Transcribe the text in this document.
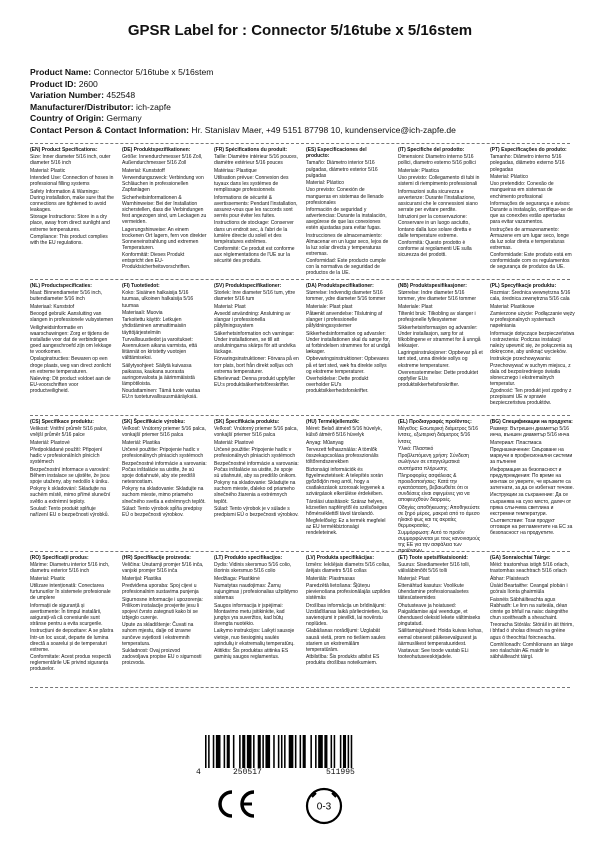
GPSR Label for : Connector 5/16tube x 5/16stem
Product Name: Connector 5/16tube x 5/16stem
Product ID: 2600
Variation Number: 452548
Manufacturer/Distributor: ich-zapfe
Country of Origin: Germany
Contact Person & Contact Information: Hr. Stanislav Maer, +49 5151 87798 10, kundenservice@ich-zapfe.de

(EN) Product Specifications:

Size: Inner diameter 5/16 inch, outer diameter 5/16 inch

Material: Plastic

Intended Use: Connection of hoses in professional filling systems

Safety Information & Warnings: During installation, make sure that the connections are tightened to avoid leakages.

Storage Instructions: Store in a dry place, away from direct sunlight and extreme temperatures.

Compliance: This product complies with the EU regulations.

(DE) Produktspezifikationen:

Größe: Innendurchmesser 5/16 Zoll, Außendurchmesser 5/16 Zoll

Material: Kunststoff

Verwendungszweck: Verbindung von Schläuchen in professionellen Zapfanlagen

Sicherheitsinformationen & Warnhinweise: Bei der Installation sicherstellen, dass die Verbindungen fest angezogen sind, um Leckagen zu vermeiden.

Lagerungshinweise: An einem trockenen Ort lagern, fern von direkter Sonneneinstrahlung und extremen Temperaturen.

Konformität: Dieses Produkt entspricht den EU-Produktsicherheitsvorschriften.

(FR) Spécifications du produit:

Taille: Diamètre intérieur 5/16 pouces, diamètre extérieur 5/16 pouces

Matériau: Plastique

Utilisation prévue: Connexion des tuyaux dans les systèmes de remplissage professionnels

Informations de sécurité & avertissements: Pendant l'installation, assurez-vous que les raccords sont serrés pour éviter les fuites.

Instructions de stockage: Conserver dans un endroit sec, à l'abri de la lumière directe du soleil et des températures extrêmes.

Conformité: Ce produit est conforme aux réglementations de l'UE sur la sécurité des produits.

(ES) Especificaciones del producto:

Tamaño: Diámetro interior 5/16 pulgadas, diámetro exterior 5/16 pulgadas

Material: Plástico

Uso previsto: Conexión de mangueras en sistemas de llenado profesionales

Información de seguridad y advertencias: Durante la instalación, asegúrese de que las conexiones estén ajustadas para evitar fugas.

Instrucciones de almacenamiento: Almacenar en un lugar seco, lejos de la luz solar directa y temperaturas extremas.

Conformidad: Este producto cumple con la normativa de seguridad de productos de la UE.

(IT) Specifiche del prodotto:

Dimensioni: Diametro interno 5/16 pollici, diametro esterno 5/16 pollici

Materiale: Plastica

Uso previsto: Collegamento di tubi in sistemi di riempimento professionali

Informazioni sulla sicurezza e avvertenze: Durante l'installazione, assicurarsi che le connessioni siano serrate per evitare perdite.

Istruzioni per la conservazione: Conservare in un luogo asciutto, lontano dalla luce solare diretta e dalle temperature estreme.

Conformità: Questo prodotto è conforme ai regolamenti UE sulla sicurezza dei prodotti.

(PT) Especificações do produto:

Tamanho: Diâmetro interno 5/16 polegadas, diâmetro externo 5/16 polegadas

Material: Plástico

Uso pretendido: Conexão de mangueiras em sistemas de enchimento profissional

Informações de segurança e avisos: Durante a instalação, certifique-se de que as conexões estão apertadas para evitar vazamentos.

Instruções de armazenamento: Armazene em um lugar seco, longe da luz solar direta e temperaturas extremas.

Conformidade: Este produto está em conformidade com os regulamentos de segurança de produtos da UE.

(NL) Productspecificaties:

Maat: Binnendiameter 5/16 inch, buitendiameter 5/16 inch

Materiaal: Kunststof

Beoogd gebruik: Aansluiting van slangen in professionele vulsystemen

Veiligheidsinformatie en waarschuwingen: Zorg er tijdens de installatie voor dat de verbindingen goed aangeschroefd zijn om lekkage te voorkomen.

Opslaginstructies: Bewaren op een droge plaats, weg van direct zonlicht en extreme temperaturen.

Naleving: Dit product voldoet aan de EU-voorschriften voor productveiligheid.

(FI) Tuotetiedot:

Koko: Sisäinen halkaisija 5/16 tuumaa, ulkoinen halkaisija 5/16 tuumaa

Materiaali: Muovia

Tarkoitettu käyttö: Letkujen yhdistäminen ammattimaisiin täyttöjärjestelmiin

Turvallisuustiedot ja varoitukset: Asennuksen aikana varmista, että liitännät on kiristetty vuotojen välttämiseksi.

Säilytysohjeet: Säilytä kuivassa paikassa, kaukana suorasta auringonvalosta ja äärimmäisistä lämpötiloista.

Noudattaminen: Tämä tuote vastaa EU:n tuoteturvallisuusmääräyksiä.

(SV) Produktspecifikationer:

Storlek: Inre diameter 5/16 tum, yttre diameter 5/16 tum

Material: Plast

Avsedd användning: Anslutning av slangar i professionella påfyllningssystem

Säkerhetsinformation och varningar: Under installationen, se till att anslutningarna skärps för att undvika läckage.

Förvaringsinstruktioner: Förvara på en torr plats, bort från direkt solljus och extrema temperaturer.

Efterlevnad: Denna produkt uppfyller EU:s produktsäkerhetsföreskrifter.

(DA) Produktspecifikationer:

Størrelse: Indvendig diameter 5/16 tommer, ydre diameter 5/16 tommer

Materiale: Plast plast

Påtænkt anvendelse: Tilslutning af slanger i professionelle påfyldningssystemer

Sikkerhedsinformation og advarsler: Under installationen skal du sørge for, at forbindelsen strammes for at undgå lækager.

Opbevaringsinstruktioner: Opbevares på et tørt sted, væk fra direkte sollys og ekstreme temperaturer.

Overholdelse: Dette produkt overholder EU's produktsikkerhedsforskrifter.

(NB) Produktspesifikasjoner:

Størrelse: Indre diameter 5/16 tommer, ytre diameter 5/16 tommer

Materiale: Plast

Tiltenkt bruk: Tilkobling av slanger i profesjonelle fyllesystemer

Sikkerhetsinformasjon og advarsler: Under installasjon, sørg for at tilkoblingene er strammet for å unngå lekkasjer.

Lagringsinstruksjoner: Oppbevar på et tørt sted, unna direkte sollys og ekstreme temperaturer.

Overensstemmelse: Dette produktet oppfyller EUs produktsikkerhetsforskrifter.

(PL) Specyfikacje produktu:

Rozmiar: Średnica wewnętrzna 5/16 cala, średnica zewnętrzna 5/16 cala

Materiał: Plastikowe

Zamierzone użycie: Podłączanie węży w profesjonalnych systemach napełniania

Informacje dotyczące bezpieczeństwa i ostrzeżenia: Podczas instalacji należy upewnić się, że połączenia są dokręcone, aby uniknąć wycieków.

Instrukcje przechowywania: Przechowywać w suchym miejscu, z dala od bezpośredniego światła słonecznego i ekstremalnych temperatur.

Zgodność: Ten produkt jest zgodny z przepisami UE w sprawie bezpieczeństwa produktów.

(CS) Specifikace produktu:

Velikost: Vnitřní průměr 5/16 palce, vnější průměr 5/16 palce

Materiál: Plastové

Předpokládané použití: Připojení hadic v profesionálních plnicích systémech

Bezpečnostní informace a varování: Během instalace se ujistěte, že jsou spoje utaženy, aby nedošlo k úniku.

Pokyny k skladování: Skladujte na suchém místě, mimo přímé sluneční světlo a extrémní teploty.

Soulad: Tento produkt splňuje nařízení EU o bezpečnosti výrobků.

(SK) Špecifikácie výrobku:

Veľkosť: Vnútorný priemer 5/16 palca, vonkajší priemer 5/16 palca

Materiál: Plastika

Určené použitie: Pripojenie hadíc v profesionálnych plniacich systémoch

Bezpečnostné informácie a varovania: Počas inštalácie sa uistite, že sú spoje dotiahnuté, aby ste predišli netesnostiam.

Pokyny na skladovanie: Skladujte na suchom mieste, mimo priameho slnečného svetla a extrémnych teplôt.

Súlad: Tento výrobok spĺňa predpisy EÚ o bezpečnosti výrobkov.

(SK) Špecifikácia produktu:

Veľkosť: Vnútorný priemer 5/16 palca, vonkajší priemer 5/16 palca

Materiál: Plastové

Určené použitie: Pripojenie hadíc v profesionálnych plniacich systémoch

Bezpečnostné informácie a varovania: Počas inštalácie sa uistite, že spoje sú utiahnuté, aby sa predišlo únikom.

Pokyny na skladovanie: Skladujte na suchom mieste, ďaleko od priameho slnečného žiarenia a extrémnych teplôt.

Súlad: Tento výrobok je v súlade s predpismi EÚ o bezpečnosti výrobkov.

(HU) Termékjellemzők:

Méret: Belső átmérő 5/16 hüvelyk, külső átmérő 5/16 hüvelyk

Anyag: Műanyag

Tervezett felhasználás: A tömlők összekapcsolása professzionális töltőrendszerekben

Biztonsági információk és figyelmeztetések: A telepítés során győződjön meg arról, hogy a csatlakozások szorosak legyenek a szivárgások elkerülése érdekében.

Tárolási utasítások: Száraz helyen, közvetlen napfénytől és szélsőséges hőmérséklettől távol tárolandó.

Megfelelőség: Ez a termék megfelel az EU termékbiztonsági rendeleteinek.

(EL) Προδιαγραφές προϊόντος:

Μέγεθος: Εσωτερική διάμετρος 5/16 ίντσες, εξωτερική διάμετρος 5/16 ίντσες

Υλικό: Πλαστικό

Προβλεπόμενη χρήση: Σύνδεση σωλήνων σε επαγγελματικά συστήματα πλήρωσης

Πληροφορίες ασφάλειας & προειδοποιήσεις: Κατά την εγκατάσταση, βεβαιωθείτε ότι οι συνδέσεις είναι σφιγμένες για να αποφευχθούν διαρροές.

Οδηγίες αποθήκευσης: Αποθηκεύστε σε ξηρό μέρος, μακριά από το άμεσο ηλιακό φως και τις ακραίες θερμοκρασίες.

Συμμόρφωση: Αυτό το προϊόν συμμορφώνεται με τους κανονισμούς της ΕΕ για την ασφάλεια των προϊόντων.

(BG) Спецификации на продукта:

Размер: Вътрешен диаметър 5/16 инча, външен диаметър 5/16 инча

Материал: Пластмаса

Предназначение: Свързване на маркучи в професионални системи за пълнене

Информация за безопасност и предупреждения: По време на монтаж се уверете, че връзките са затегнати, за да се избегнат течове.

Инструкции за съхранение: Да се съхранява на сухо място, далеч от пряка слънчева светлина и екстремни температури.

Съответствие: Този продукт отговаря на регламентите на ЕС за безопасност на продуктите.

(RO) Specificații produs:

Mărime: Diametru interior 5/16 inch, diametru exterior 5/16 inch

Material: Plastic

Utilizare intenționată: Conectarea furtunurilor în sistemele profesionale de umplere

Informații de siguranță și avertismente: În timpul instalării, asigurați-vă că conexiunile sunt strânse pentru a evita scurgerile.

Instrucțiuni de depozitare: A se păstra într-un loc uscat, departe de lumina directă a soarelui și de temperaturi extreme.

Conformitate: Acest produs respectă reglementările UE privind siguranța produselor.

(HR) Specifikacije proizvoda:

Veličina: Unutarnji promjer 5/16 inča, vanjski promjer 5/16 inča

Materijal: Plastika

Predviđena uporaba: Spoj cijevi u profesionalnim sustavima punjenja

Sigurnosne informacije i upozorenja: Prilikom instalacije provjerite jesu li spojevi čvrsto zategnuti kako bi se izbjeglo curenje.

Upute za skladištenje: Čuvati na suhom mjestu, dalje od izravne sunčeve svjetlosti i ekstremnih temperatura.

Sukladnost: Ovaj proizvod zadovoljava propise EU o sigurnosti proizvoda.

(LT) Produkto specifikacijos:

Dydis: Vidinis skersmuo 5/16 colio, išorinis skersmuo 5/16 colio

Medžiaga: Plastikinė

Numatytas naudojimas: Žarnų sujungimas į profesionalias užpildymo sistemas

Saugos informacija ir įspėjimai: Montavimo metu įsitikinkite, kad jungtys yra suveržtos, kad būtų išvengta nuotėkio.

Laikymo instrukcijos: Laikyti sausoje vietoje, nuo tiesioginių saulės spindulių ir ekstremalių temperatūrų.

Atitiktis: Šis produktas atitinka ES gaminių saugos reglamentus.

(LV) Produkta specifikācijas:

Izmērs: Iekšējais diametrs 5/16 collas, ārējais diametrs 5/16 collas

Materiāls: Plastmasas

Paredzētā lietošana: Šļūteņu pievienošana profesionālajās uzpildes sistēmās

Drošības informācija un brīdinājumi: Uzstādīšanas laikā pārliecinieties, ka savienojumi ir pievilkti, lai novērstu noplūdes.

Glabāšanas norādījumi: Uzglabāt sausā vietā, prom no tiešiem saules stariem un ekstremālām temperatūrām.

Atbilstība: Šis produkts atbilst ES produktu drošības noteikumiem.

(ET) Toote spetsifikatsioonid:

Suurus: Sisediameeter 5/16 tolli, välisläbimõõt 5/16 tolli

Materjal: Plast

Ettenähtud kasutus: Voolikute ühendamine professionaalsetes täitesüsteemides

Ohutusteave ja hoiatused: Paigaldamise ajal veenduge, et ühendused oleksid lekete vältimiseks pingutatud.

Säilitamisjuhised: Hoida kuivas kohas, eemal otsesest päikesevalgusest ja äärmuslikest temperatuuridest.

Vastavus: See toode vastab ELi tooteohutuseeskirjadele.

(GA) Sonraíochtaí Táirge:

Méid: trastomhas istigh 5/16 orlach, trastomhas seachtrach 5/16 orlach

Ábhar: Plaisteach

Úsáid Beartaithe: Ceangal píobán i gcórais líonta ghairmiúla

Faisnéis Sábháilteachta agus Rabhadh: Le linn na suiteála, déan cinnte go bhfuil na naisc daingnithe chun sceitheadh a sheachaint.

Treoracha Stórála: Stóráil in áit thirim, i bhfad ó sholas díreach na gréine agus ó theochtaí foircneacha.

Comhlíonadh: Comhlíonann an táirge seo rialacháin AE maidir le sábháilteacht táirgí.

4	250517	511995
0-3
